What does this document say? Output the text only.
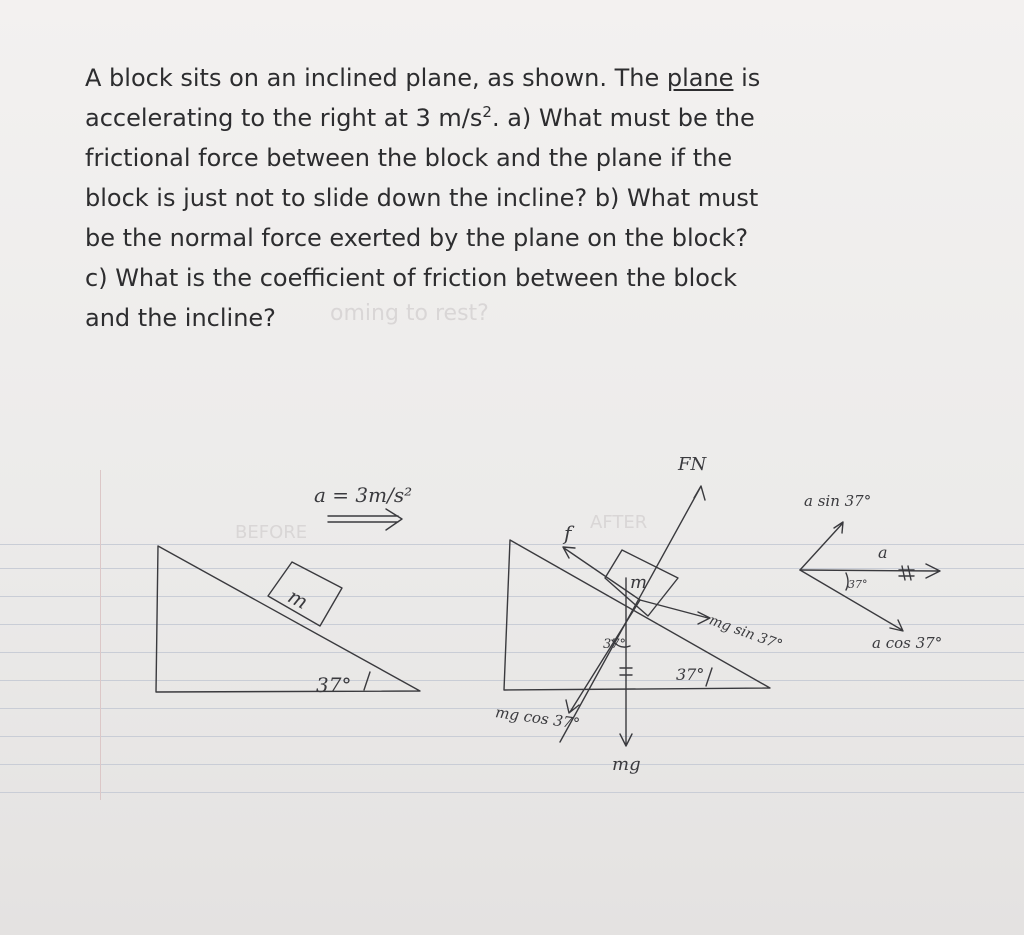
oming to rest?
BEFORE	AFTER
A block sits on an inclined plane, as shown. The plane is
accelerating to the right at 3 $m/s^2$. a) What must be the
frictional force between the block and the plane if the
block is just not to slide down the incline? b) What must
be the normal force exerted by the plane on the block?
c) What is the coefficient of friction between the block
and the incline?
a = 3m/s²
m
37°
FN
f
m
37°
37°
mg sin 37°
mg cos 37°
mg
a sin 37°
a
37°
a cos 37°
